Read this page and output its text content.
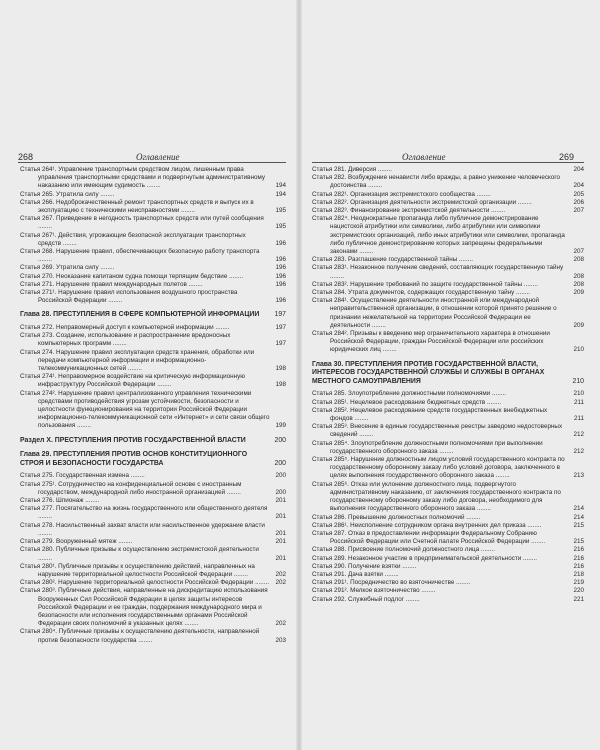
268	Оглавление	Оглавление	269
Статья 264¹. Управление транспортным средством лицом, лишенным права управления транспортными средствами и подвергнутым административному наказанию или имеющим судимость ........	194
Статья 265. Утратила силу ........	194
Статья 266. Недоброкачественный ремонт транспортных средств и выпуск их в эксплуатацию с техническими неисправностями ........	195
Статья 267. Приведение в негодность транспортных средств или путей сообщения ........	195
Статья 267¹. Действия, угрожающие безопасной эксплуатации транспортных средств ........	196
Статья 268. Нарушение правил, обеспечивающих безопасную работу транспорта ........	196
Статья 269. Утратила силу ........	196
Статья 270. Неоказание капитаном судна помощи терпящим бедствие ........	196
Статья 271. Нарушение правил международных полетов ........	196
Статья 271¹. Нарушение правил использования воздушного пространства Российской Федерации ........	196
Глава 28. ПРЕСТУПЛЕНИЯ В СФЕРЕ КОМПЬЮТЕРНОЙ ИНФОРМАЦИИ 197
Статья 272. Неправомерный доступ к компьютерной информации ........	197
Статья 273. Создание, использование и распространение вредоносных компьютерных программ ........	197
Статья 274. Нарушение правил эксплуатации средств хранения, обработки или передачи компьютерной информации и информационно-телекоммуникационных сетей ........	198
Статья 274¹. Неправомерное воздействие на критическую информационную инфраструктуру Российской Федерации ........	198
Статья 274². Нарушение правил централизованного управления техническими средствами противодействия угрозам устойчивости, безопасности и целостности функционирования на территории Российской Федерации информационно-телекоммуникационной сети «Интернет» и сети связи общего пользования ........	199
Раздел X. ПРЕСТУПЛЕНИЯ ПРОТИВ ГОСУДАРСТВЕННОЙ ВЛАСТИ	200
Глава 29. ПРЕСТУПЛЕНИЯ ПРОТИВ ОСНОВ КОНСТИТУЦИОННОГО СТРОЯ И БЕЗОПАСНОСТИ ГОСУДАРСТВА	200
Статья 275. Государственная измена ........	200
Статья 275¹. Сотрудничество на конфиденциальной основе с иностранным государством, международной либо иностранной организацией ........	200
Статья 276. Шпионаж ........	201
Статья 277. Посягательство на жизнь государственного или общественного деятеля ........	201
Статья 278. Насильственный захват власти или насильственное удержание власти ........	201
Статья 279. Вооруженный мятеж ........	201
Статья 280. Публичные призывы к осуществлению экстремистской деятельности ........	201
Статья 280¹. Публичные призывы к осуществлению действий, направленных на нарушение территориальной целостности Российской Федерации ........	202
Статья 280². Нарушение территориальной целостности Российской Федерации ........ 202
Статья 280³. Публичные действия, направленные на дискредитацию использования Вооруженных Сил Российской Федерации в целях защиты интересов Российской Федерации и ее граждан, поддержания международного мира и безопасности или исполнения государственными органами Российской Федерации своих полномочий в указанных целях ........	202
Статья 280⁴. Публичные призывы к осуществлению деятельности, направленной против безопасности государства ........	203
Статья 281. Диверсия ........	204
Статья 282. Возбуждение ненависти либо вражды, а равно унижение человеческого достоинства ........	204
Статья 282¹. Организация экстремистского сообщества ........	205
Статья 282². Организация деятельности экстремистской организации ........	206
Статья 282³. Финансирование экстремистской деятельности ........	207
Статья 282⁴. Неоднократные пропаганда либо публичное демонстрирование нацистской атрибутики или символики, либо атрибутики или символики экстремистских организаций, либо иных атрибутики или символики, пропаганда либо публичное демонстрирование которых запрещены федеральными законами ........	207
Статья 283. Разглашение государственной тайны ........	208
Статья 283¹. Незаконное получение сведений, составляющих государственную тайну ........	208
Статья 283². Нарушение требований по защите государственной тайны ........	208
Статья 284. Утрата документов, содержащих государственную тайну ........	209
Статья 284¹. Осуществление деятельности иностранной или международной неправительственной организации, в отношении которой принято решение о признании нежелательной на территории Российской Федерации ее деятельности ........	209
Статья 284². Призывы к введению мер ограничительного характера в отношении Российской Федерации, граждан Российской Федерации или российских юридических лиц ........	210
Глава 30. ПРЕСТУПЛЕНИЯ ПРОТИВ ГОСУДАРСТВЕННОЙ ВЛАСТИ, ИНТЕРЕСОВ ГОСУДАРСТВЕННОЙ СЛУЖБЫ И СЛУЖБЫ В ОРГАНАХ МЕСТНОГО САМОУПРАВЛЕНИЯ	210
Статья 285. Злоупотребление должностными полномочиями ........	210
Статья 285¹. Нецелевое расходование бюджетных средств ........	211
Статья 285². Нецелевое расходование средств государственных внебюджетных фондов ........	211
Статья 285³. Внесение в единые государственные реестры заведомо недостоверных сведений ........	212
Статья 285⁴. Злоупотребление должностными полномочиями при выполнении государственного оборонного заказа ........	212
Статья 285⁵. Нарушение должностным лицом условий государственного контракта по государственному оборонному заказу либо условий договора, заключенного в целях выполнения государственного оборонного заказа ........	213
Статья 285⁶. Отказ или уклонение должностного лица, подвергнутого административному наказанию, от заключения государственного контракта по государственному оборонному заказу либо договора, необходимого для выполнения государственного оборонного заказа ........	214
Статья 286. Превышение должностных полномочий ........	214
Статья 286¹. Неисполнение сотрудником органа внутренних дел приказа ........	215
Статья 287. Отказ в предоставлении информации Федеральному Собранию Российской Федерации или Счетной палате Российской Федерации ........	215
Статья 288. Присвоение полномочий должностного лица ........	216
Статья 289. Незаконное участие в предпринимательской деятельности ........	216
Статья 290. Получение взятки ........	216
Статья 291. Дача взятки ........	218
Статья 291¹. Посредничество во взяточничестве ........	219
Статья 291². Мелкое взяточничество ........	220
Статья 292. Служебный подлог ........	221
